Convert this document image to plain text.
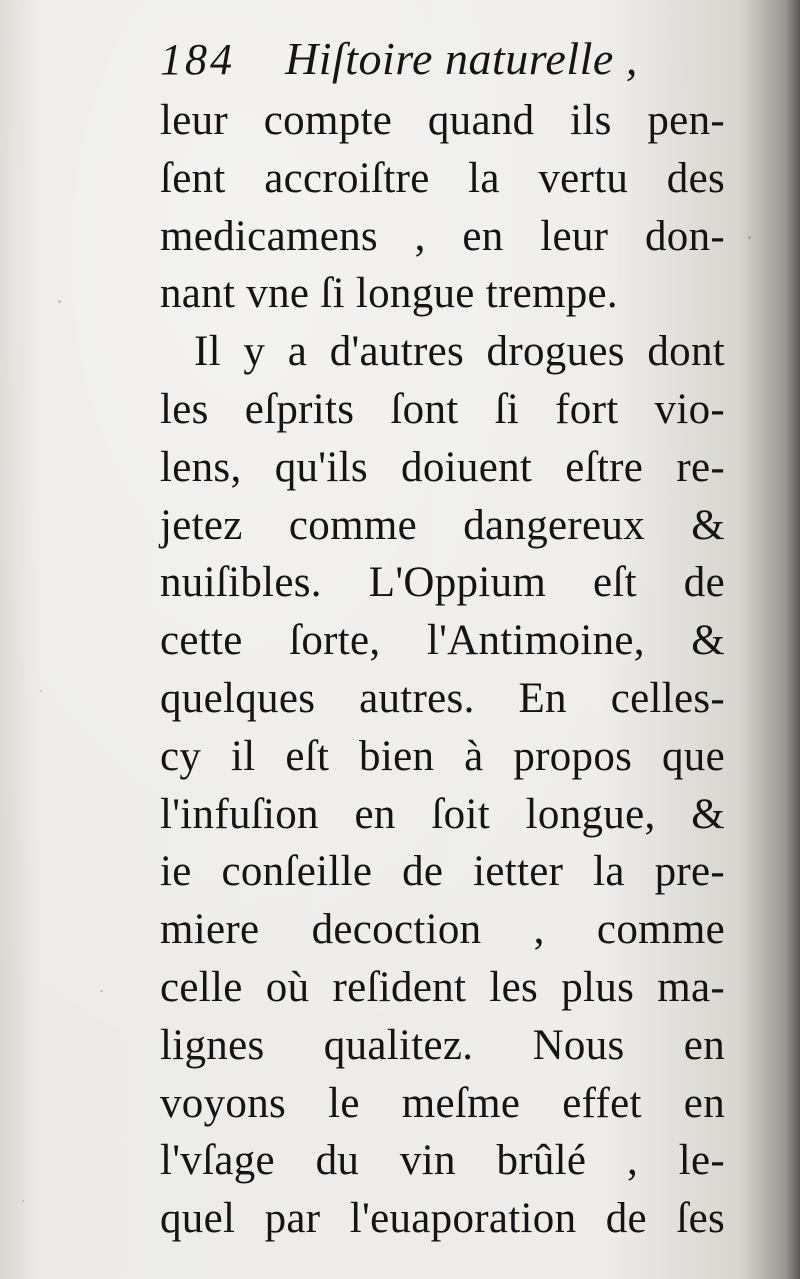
184 Hiſtoire naturelle ,
leur compte quand ils pen-
ſent accroiſtre la vertu des
medicamens , en leur don-
nant vne ſi longue trempe.
Il y a d'autres drogues dont
les eſprits ſont ſi fort vio-
lens, qu'ils doiuent eſtre re-
jetez comme dangereux &
nuiſibles. L'Oppium eſt de
cette ſorte, l'Antimoine, &
quelques autres. En celles-
cy il eſt bien à propos que
l'infuſion en ſoit longue, &
ie conſeille de ietter la pre-
miere decoction , comme
celle où reſident les plus ma-
lignes qualitez. Nous en
voyons le meſme effet en
l'vſage du vin brûlé , le-
quel par l'euaporation de ſes
